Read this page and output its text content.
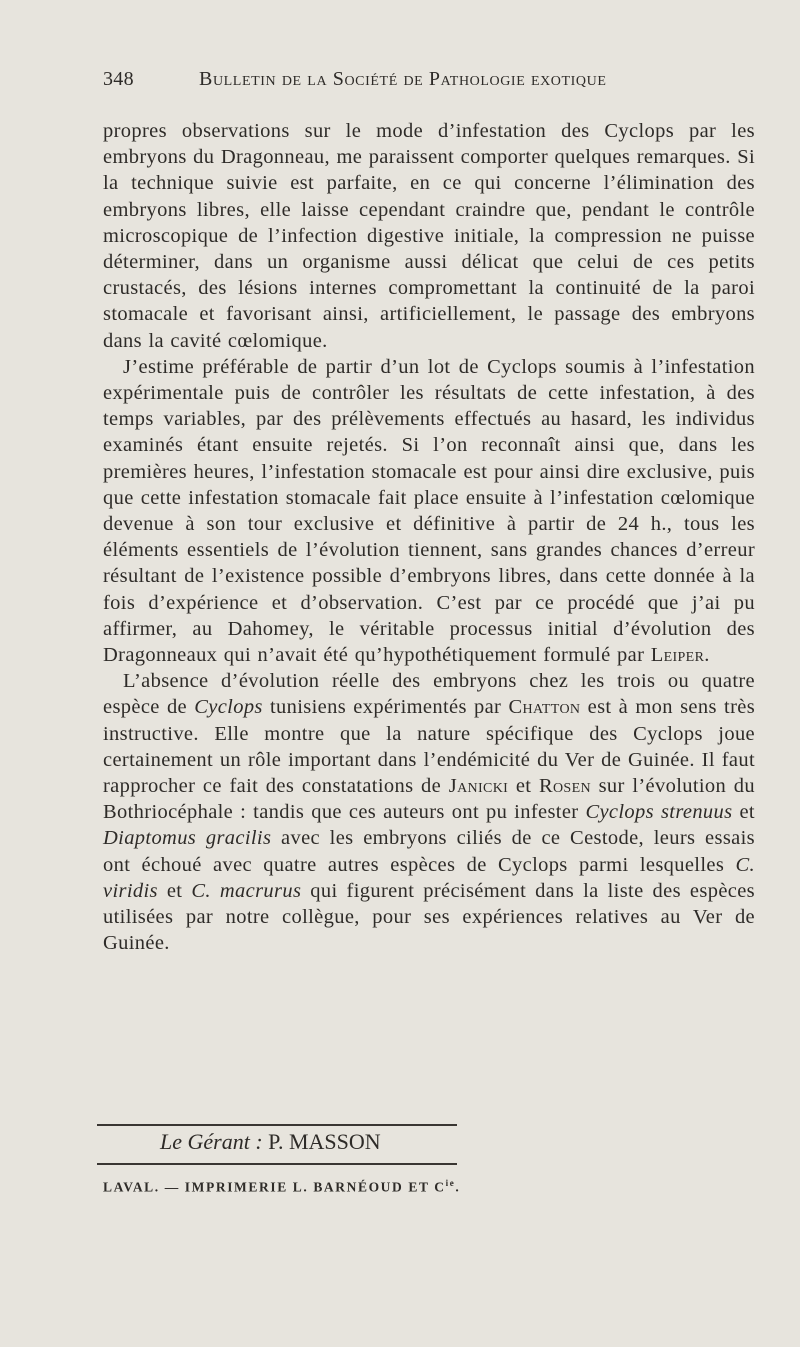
348	Bulletin de la Société de Pathologie exotique

propres observations sur le mode d’infestation des Cyclops par les embryons du Dragonneau, me paraissent comporter quelques remarques. Si la technique suivie est parfaite, en ce qui concerne l’élimination des embryons libres, elle laisse cependant craindre que, pendant le contrôle microscopique de l’infection digestive initiale, la compression ne puisse déterminer, dans un organisme aussi délicat que celui de ces petits crustacés, des lésions internes compromettant la continuité de la paroi stomacale et favorisant ainsi, artificiellement, le passage des embryons dans la cavité cœlomique.

J’estime préférable de partir d’un lot de Cyclops soumis à l’infestation expérimentale puis de contrôler les résultats de cette infestation, à des temps variables, par des prélèvements effectués au hasard, les individus examinés étant ensuite rejetés. Si l’on reconnaît ainsi que, dans les premières heures, l’infestation stomacale est pour ainsi dire exclusive, puis que cette infestation stomacale fait place ensuite à l’infestation cœlomique devenue à son tour exclusive et définitive à partir de 24 h., tous les éléments essentiels de l’évolution tiennent, sans grandes chances d’erreur résultant de l’existence possible d’embryons libres, dans cette donnée à la fois d’expérience et d’observation. C’est par ce procédé que j’ai pu affirmer, au Dahomey, le véritable processus initial d’évolution des Dragonneaux qui n’avait été qu’hypothétiquement formulé par Leiper.

L’absence d’évolution réelle des embryons chez les trois ou quatre espèce de Cyclops tunisiens expérimentés par Chatton est à mon sens très instructive. Elle montre que la nature spécifique des Cyclops joue certainement un rôle important dans l’endémicité du Ver de Guinée. Il faut rapprocher ce fait des constatations de Janicki et Rosen sur l’évolution du Bothriocéphale : tandis que ces auteurs ont pu infester Cyclops strenuus et Diaptomus gracilis avec les embryons ciliés de ce Cestode, leurs essais ont échoué avec quatre autres espèces de Cyclops parmi lesquelles C. viridis et C. macrurus qui figurent précisément dans la liste des espèces utilisées par notre collègue, pour ses expériences relatives au Ver de Guinée.

Le Gérant : P. MASSON
LAVAL. — IMPRIMERIE L. BARNÉOUD ET $C^{ie}$.
